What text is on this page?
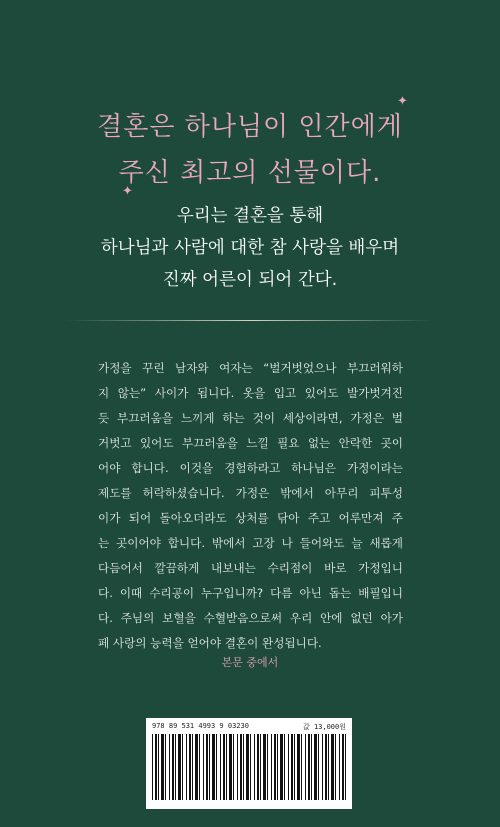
결혼은 하나님이 인간에게
주신 최고의 선물이다.
✦
✦
우리는 결혼을 통해
하나님과 사람에 대한 참 사랑을 배우며
진짜 어른이 되어 간다.
가정을 꾸린 남자와 여자는 “벌거벗었으나 부끄러워하
지 않는” 사이가 됩니다. 옷을 입고 있어도 발가벗겨진
듯 부끄러움을 느끼게 하는 것이 세상이라면, 가정은 벌
거벗고 있어도 부끄러움을 느낄 필요 없는 안락한 곳이
어야 합니다. 이것을 경험하라고 하나님은 가정이라는
제도를 허락하셨습니다. 가정은 밖에서 아무리 피투성
이가 되어 돌아오더라도 상처를 닦아 주고 어루만져 주
는 곳이어야 합니다. 밖에서 고장 나 들어와도 늘 새롭게
다듬어서 깔끔하게 내보내는 수리점이 바로 가정입니
다. 이때 수리공이 누구입니까? 다름 아닌 돕는 배필입니
다. 주님의 보혈을 수혈받음으로써 우리 안에 없던 아가
페 사랑의 능력을 얻어야 결혼이 완성됩니다.
본문 중에서
978 89 531 4993 9 03230	값 13,000원
